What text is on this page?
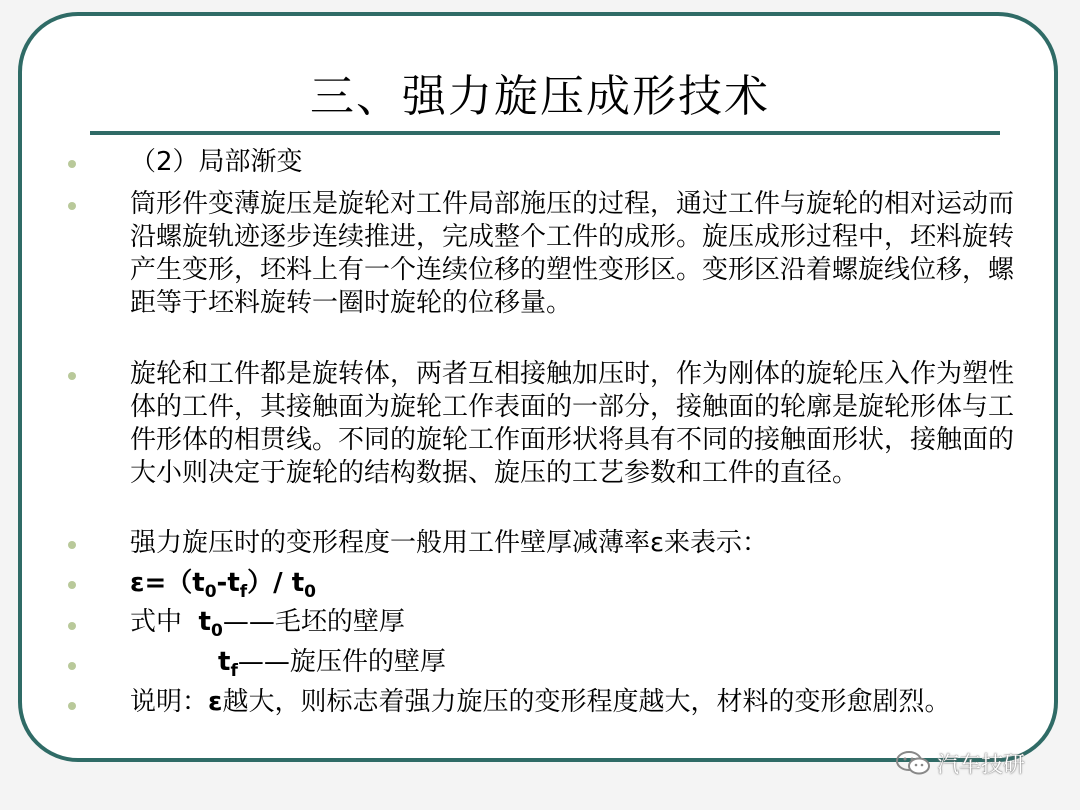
三、强力旋压成形技术
（2）局部渐变
筒形件变薄旋压是旋轮对工件局部施压的过程，通过工件与旋轮的相对运动而沿螺旋轨迹逐步连续推进，完成整个工件的成形。旋压成形过程中，坯料旋转产生变形，坯料上有一个连续位移的塑性变形区。变形区沿着螺旋线位移，螺距等于坯料旋转一圈时旋轮的位移量。
旋轮和工件都是旋转体，两者互相接触加压时，作为刚体的旋轮压入作为塑性体的工件，其接触面为旋轮工作表面的一部分，接触面的轮廓是旋轮形体与工件形体的相贯线。不同的旋轮工作面形状将具有不同的接触面形状，接触面的大小则决定于旋轮的结构数据、旋压的工艺参数和工件的直径。
强力旋压时的变形程度一般用工件壁厚减薄率ε来表示：
$\varepsilon=(t_0-t_f)/$ $t_0$
式中  $t_0——$毛坯的壁厚
$t_f——$旋压件的壁厚
说明：ε越大，则标志着强力旋压的变形程度越大，材料的变形愈剧烈。
汽车技研
